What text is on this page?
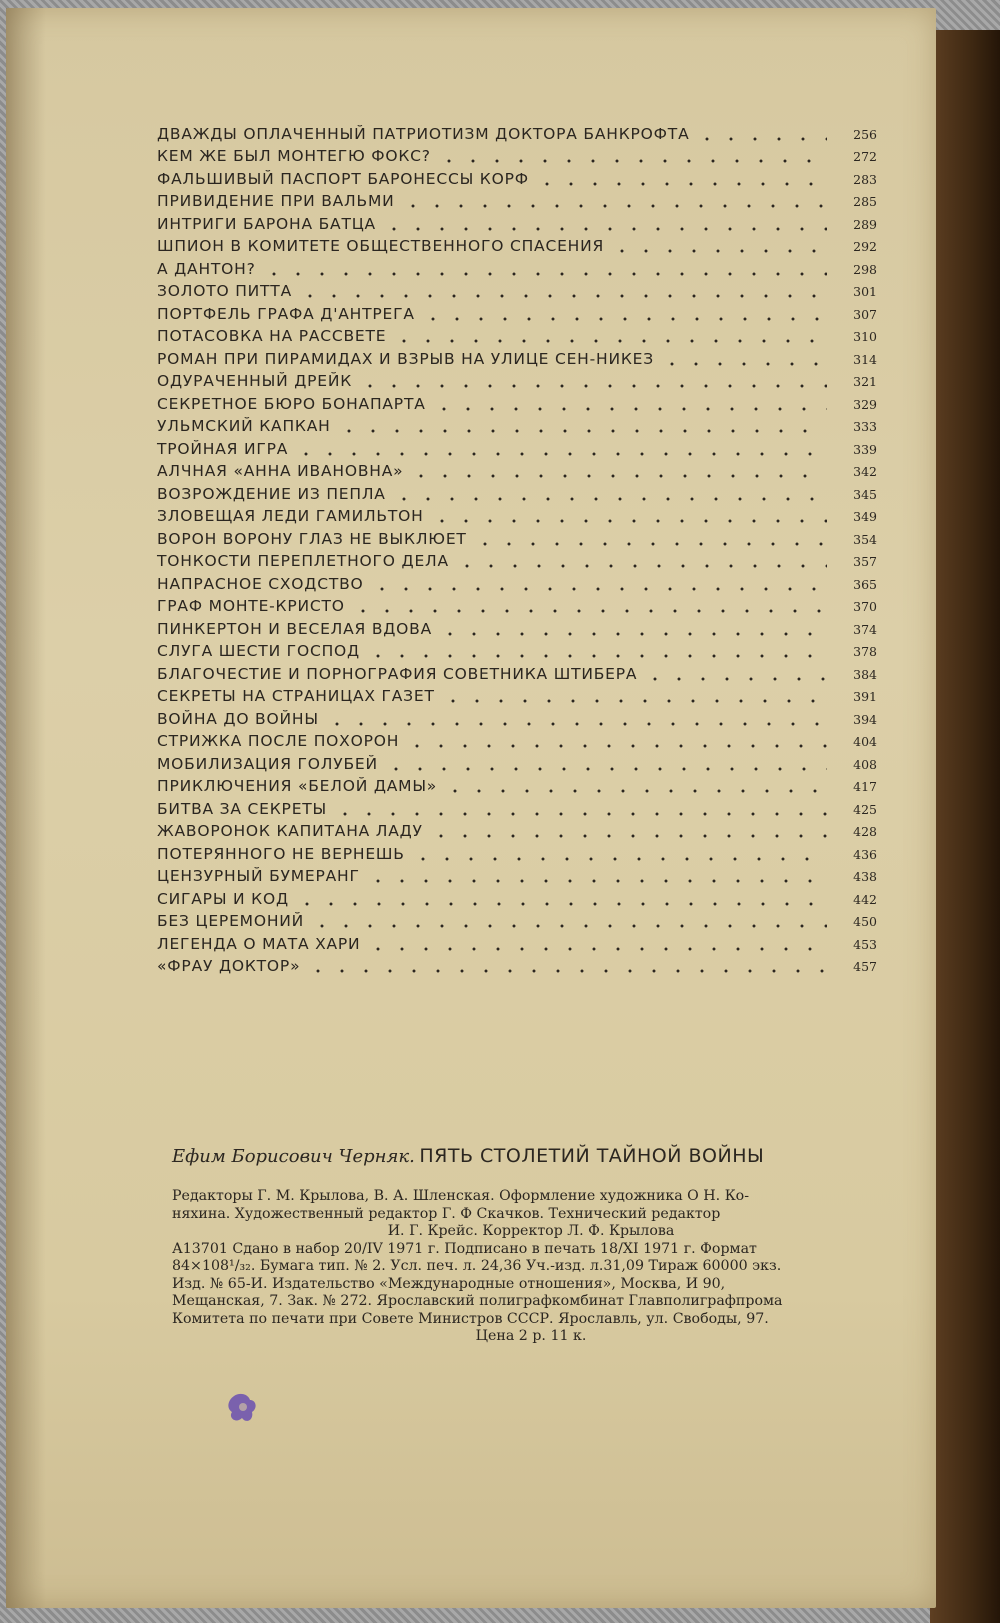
ДВАЖДЫ ОПЛАЧЕННЫЙ ПАТРИОТИЗМ ДОКТОРА БАНКРОФТА	256
КЕМ ЖЕ БЫЛ МОНТЕГЮ ФОКС?	272
ФАЛЬШИВЫЙ ПАСПОРТ БАРОНЕССЫ КОРФ	283
ПРИВИДЕНИЕ ПРИ ВАЛЬМИ	285
ИНТРИГИ БАРОНА БАТЦА	289
ШПИОН В КОМИТЕТЕ ОБЩЕСТВЕННОГО СПАСЕНИЯ	292
А ДАНТОН?	298
ЗОЛОТО ПИТТА	301
ПОРТФЕЛЬ ГРАФА Д'АНТРЕГА	307
ПОТАСОВКА НА РАССВЕТЕ	310
РОМАН ПРИ ПИРАМИДАХ И ВЗРЫВ НА УЛИЦЕ СЕН-НИКЕЗ	314
ОДУРАЧЕННЫЙ ДРЕЙК	321
СЕКРЕТНОЕ БЮРО БОНАПАРТА	329
УЛЬМСКИЙ КАПКАН	333
ТРОЙНАЯ ИГРА	339
АЛЧНАЯ «АННА ИВАНОВНА»	342
ВОЗРОЖДЕНИЕ ИЗ ПЕПЛА	345
ЗЛОВЕЩАЯ ЛЕДИ ГАМИЛЬТОН	349
ВОРОН ВОРОНУ ГЛАЗ НЕ ВЫКЛЮЕТ	354
ТОНКОСТИ ПЕРЕПЛЕТНОГО ДЕЛА	357
НАПРАСНОЕ СХОДСТВО	365
ГРАФ МОНТЕ-КРИСТО	370
ПИНКЕРТОН И ВЕСЕЛАЯ ВДОВА	374
СЛУГА ШЕСТИ ГОСПОД	378
БЛАГОЧЕСТИЕ И ПОРНОГРАФИЯ СОВЕТНИКА ШТИБЕРА	384
СЕКРЕТЫ НА СТРАНИЦАХ ГАЗЕТ	391
ВОЙНА ДО ВОЙНЫ	394
СТРИЖКА ПОСЛЕ ПОХОРОН	404
МОБИЛИЗАЦИЯ ГОЛУБЕЙ	408
ПРИКЛЮЧЕНИЯ «БЕЛОЙ ДАМЫ»	417
БИТВА ЗА СЕКРЕТЫ	425
ЖАВОРОНОК КАПИТАНА ЛАДУ	428
ПОТЕРЯННОГО НЕ ВЕРНЕШЬ	436
ЦЕНЗУРНЫЙ БУМЕРАНГ	438
СИГАРЫ И КОД	442
БЕЗ ЦЕРЕМОНИЙ	450
ЛЕГЕНДА О МАТА ХАРИ	453
«ФРАУ ДОКТОР»	457
Ефим Борисович Черняк. ПЯТЬ СТОЛЕТИЙ ТАЙНОЙ ВОЙНЫ
Редакторы Г. М. Крылова, В. А. Шленская. Оформление художника О Н. Ко-
няхина. Художественный редактор Г. Ф Скачков. Технический редактор
И. Г. Крейс. Корректор Л. Ф. Крылова
А13701 Сдано в набор 20/IV 1971 г. Подписано в печать 18/XI 1971 г. Формат
84×108¹/₃₂. Бумага тип. № 2. Усл. печ. л. 24,36 Уч.-изд. л.31,09 Тираж 60000 экз.
Изд. № 65-И. Издательство «Международные отношения», Москва, И 90,
Мещанская, 7. Зак. № 272. Ярославский полиграфкомбинат Главполиграфпрома
Комитета по печати при Совете Министров СССР. Ярославль, ул. Свободы, 97.
Цена 2 р. 11 к.
